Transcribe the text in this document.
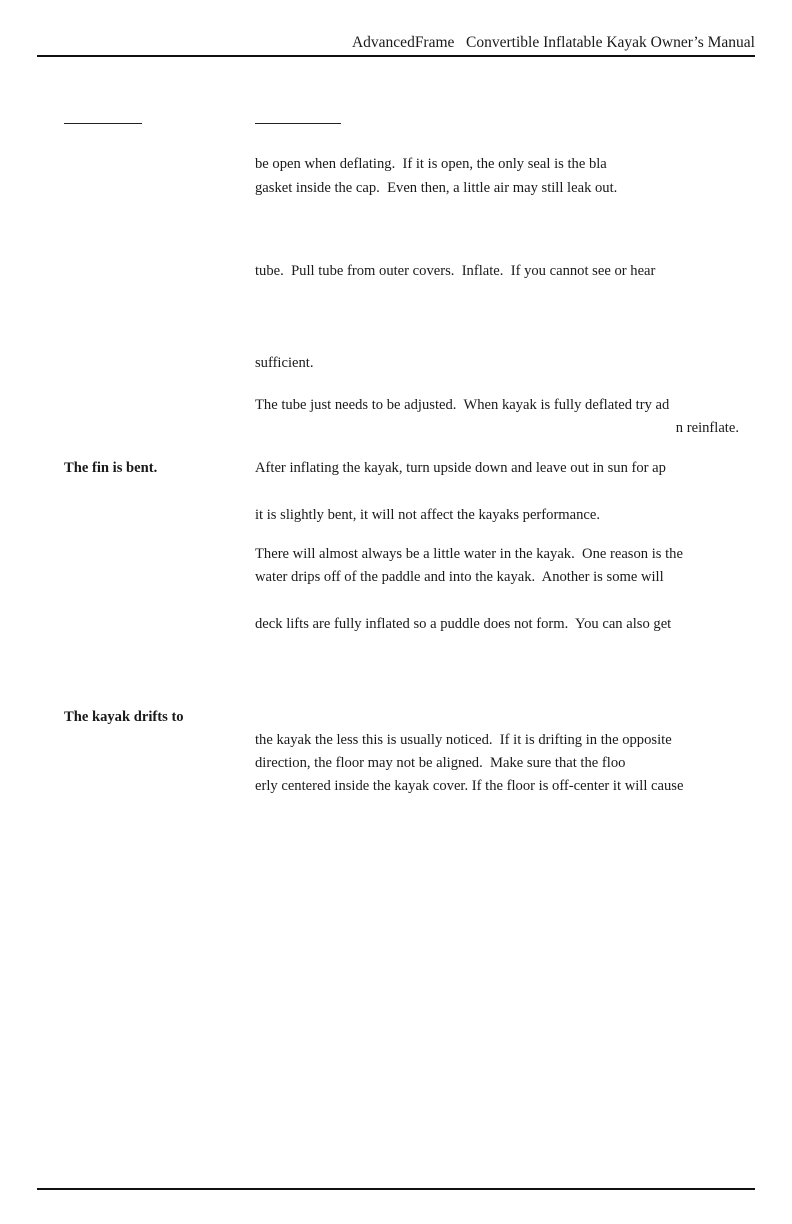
AdvancedFrame   Convertible Inflatable Kayak Owner’s Manual
be open when deflating.  If it is open, the only seal is the bla
gasket inside the cap.  Even then, a little air may still leak out.
tube.  Pull tube from outer covers.  Inflate.  If you cannot see or hear
sufficient.
The tube just needs to be adjusted.  When kayak is fully deflated try ad
n reinflate.
The fin is bent.	After inflating the kayak, turn upside down and leave out in sun for ap
it is slightly bent, it will not affect the kayaks performance.
There will almost always be a little water in the kayak.  One reason is the
water drips off of the paddle and into the kayak.  Another is some will
deck lifts are fully inflated so a puddle does not form.  You can also get
The kayak drifts to
the kayak the less this is usually noticed.  If it is drifting in the opposite
direction, the floor may not be aligned.  Make sure that the floo
erly centered inside the kayak cover. If the floor is off-center it will cause
